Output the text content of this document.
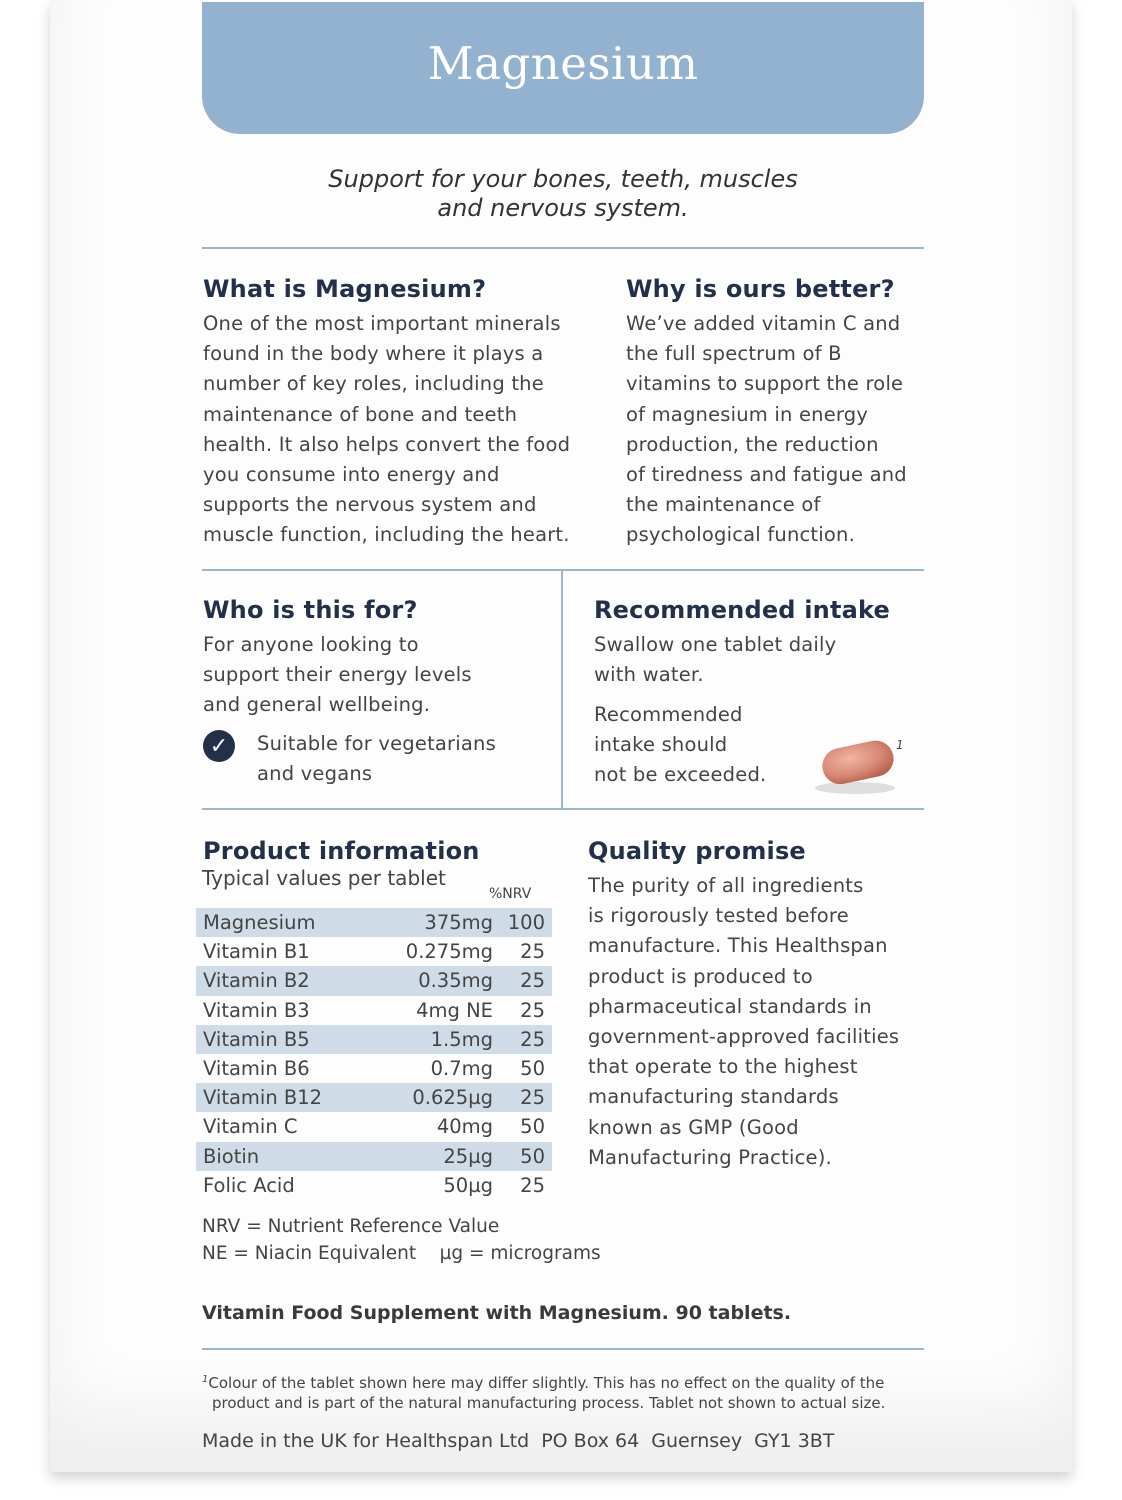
Magnesium
Support for your bones, teeth, muscles
and nervous system.
What is Magnesium?
One of the most important minerals
found in the body where it plays a
number of key roles, including the
maintenance of bone and teeth
health. It also helps convert the food
you consume into energy and
supports the nervous system and
muscle function, including the heart.
Why is ours better?
We’ve added vitamin C and
the full spectrum of B
vitamins to support the role
of magnesium in energy
production, the reduction
of tiredness and fatigue and
the maintenance of
psychological function.
Who is this for?
For anyone looking to
support their energy levels
and general wellbeing.
✓	Suitable for vegetarians
and vegans
Recommended intake
Swallow one tablet daily
with water.
Recommended
intake should
not be exceeded.
1
Product information
Typical values per tablet
%NRV
Magnesium	375mg 100
Vitamin B1	0.275mg	25
Vitamin B2	0.35mg	25
Vitamin B3	4mg NE	25
Vitamin B5	1.5mg	25
Vitamin B6	0.7mg	50
Vitamin B12	0.625µg	25
Vitamin C	40mg	50
Biotin	25µg	50
Folic Acid	50µg	25
NRV = Nutrient Reference Value
NE = Niacin Equivalent    µg = micrograms
Quality promise
The purity of all ingredients
is rigorously tested before
manufacture. This Healthspan
product is produced to
pharmaceutical standards in
government-approved facilities
that operate to the highest
manufacturing standards
known as GMP (Good
Manufacturing Practice).
Vitamin Food Supplement with Magnesium. 90 tablets.
$^1$Colour of the tablet shown here may differ slightly. This has no effect on the quality of the
product and is part of the natural manufacturing process. Tablet not shown to actual size.
Made in the UK for Healthspan Ltd  PO Box 64  Guernsey  GY1 3BT
